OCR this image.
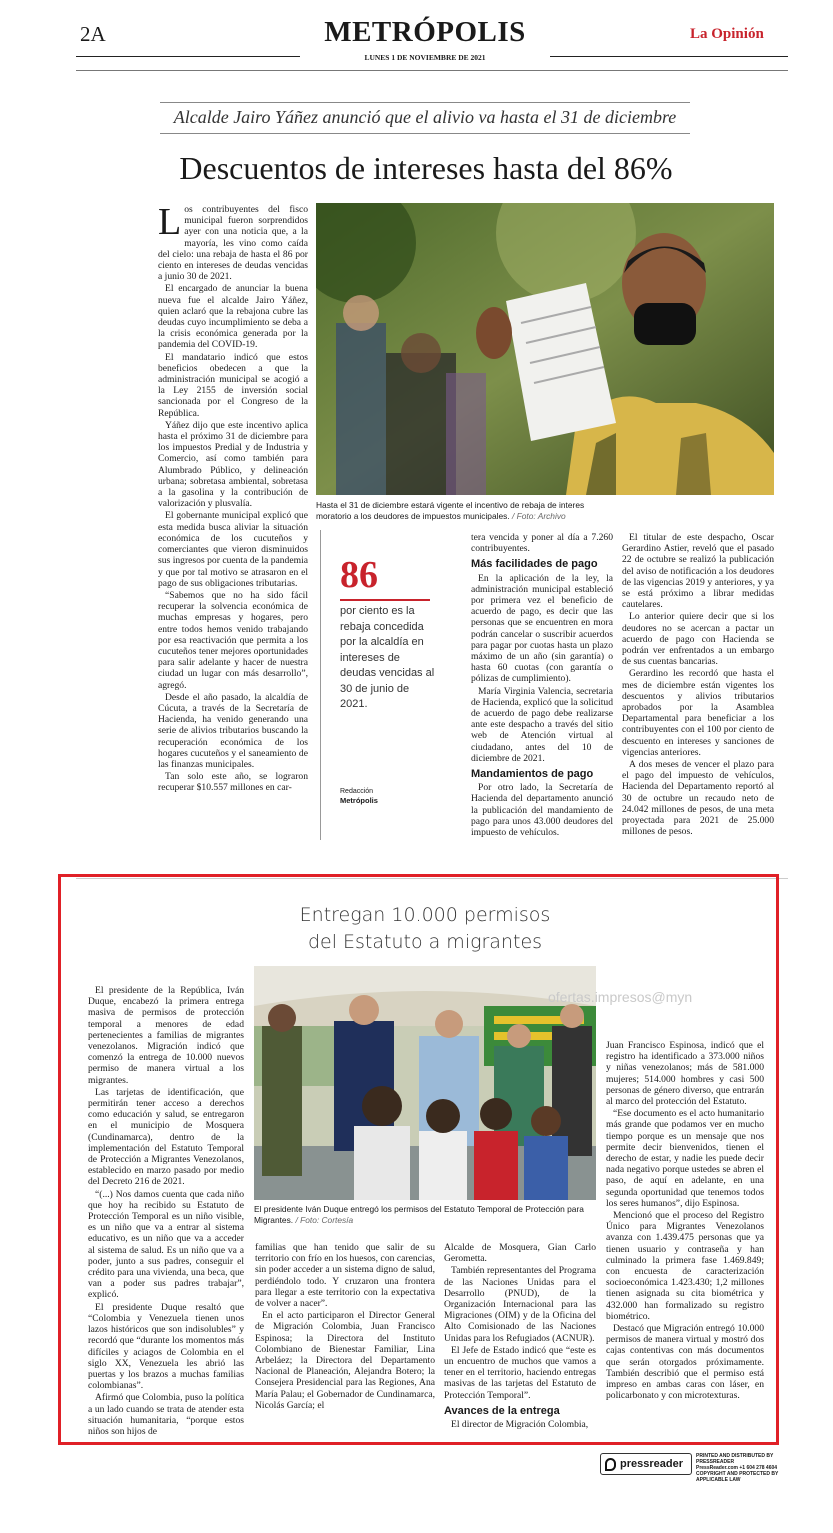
2A	METRÓPOLIS	La Opinión
LUNES 1 DE NOVIEMBRE DE 2021
Alcalde Jairo Yáñez anunció que el alivio va hasta el 31 de diciembre
Descuentos de intereses hasta del 86%

Los contribuyentes del fisco municipal fueron sorprendidos ayer con una noticia que, a la mayoría, les vino como caída del cielo: una rebaja de hasta el 86 por ciento en intereses de deudas vencidas a junio 30 de 2021.

El encargado de anunciar la buena nueva fue el alcalde Jairo Yáñez, quien aclaró que la rebajona cubre las deudas cuyo incumplimiento se deba a la crisis económica generada por la pandemia del COVID-19.

El mandatario indicó que estos beneficios obedecen a que la administración municipal se acogió a la Ley 2155 de inversión social sancionada por el Congreso de la República.

Yáñez dijo que este incentivo aplica hasta el próximo 31 de diciembre para los impuestos Predial y de Industria y Comercio, así como también para Alumbrado Público, y delineación urbana; sobretasa ambiental, sobretasa a la gasolina y la contribución de valorización y plusvalía.

El gobernante municipal explicó que esta medida busca aliviar la situación económica de los cucuteños y comerciantes que vieron disminuidos sus ingresos por cuenta de la pandemia y que por tal motivo se atrasaron en el pago de sus obligaciones tributarias.

“Sabemos que no ha sido fácil recuperar la solvencia económica de muchas empresas y hogares, pero entre todos hemos venido trabajando por esa reactivación que permita a los cucuteños tener mejores oportunidades para salir adelante y hacer de nuestra ciudad un lugar con más desarrollo”, agregó.

Desde el año pasado, la alcaldía de Cúcuta, a través de la Secretaría de Hacienda, ha venido generando una serie de alivios tributarios buscando la recuperación económica de los hogares cucuteños y el saneamiento de las finanzas municipales.

Tan solo este año, se lograron recuperar $10.557 millones en car-

Hasta el 31 de diciembre estará vigente el incentivo de rebaja de interes moratorio a los deudores de impuestos municipales. / Foto: Archivo
86
por ciento es la rebaja concedida por la alcaldía en intereses de deudas vencidas al 30 de junio de 2021.
Redacción
Metrópolis

tera vencida y poner al día a 7.260 contribuyentes.

Más facilidades de pago

En la aplicación de la ley, la administración municipal estableció por primera vez el beneficio de acuerdo de pago, es decir que las personas que se encuentren en mora podrán cancelar o suscribir acuerdos para pagar por cuotas hasta un plazo máximo de un año (sin garantía) o hasta 60 cuotas (con garantía o pólizas de cumplimiento).

María Virginia Valencia, secretaria de Hacienda, explicó que la solicitud de acuerdo de pago debe realizarse ante este despacho a través del sitio web de Atención virtual al ciudadano, antes del 10 de diciembre de 2021.

Mandamientos de pago

Por otro lado, la Secretaría de Hacienda del departamento anunció la publicación del mandamiento de pago para unos 43.000 deudores del impuesto de vehículos.

El titular de este despacho, Oscar Gerardino Astier, reveló que el pasado 22 de octubre se realizó la publicación del aviso de notificación a los deudores de las vigencias 2019 y anteriores, y ya se está próximo a librar medidas cautelares.

Lo anterior quiere decir que si los deudores no se acercan a pactar un acuerdo de pago con Hacienda se podrán ver enfrentados a un embargo de sus cuentas bancarias.

Gerardino les recordó que hasta el mes de diciembre están vigentes los descuentos y alivios tributarios aprobados por la Asamblea Departamental para beneficiar a los contribuyentes con el 100 por ciento de descuento en intereses y sanciones de vigencias anteriores.

A dos meses de vencer el plazo para el pago del impuesto de vehículos, Hacienda del Departamento reportó al 30 de octubre un recaudo neto de 24.042 millones de pesos, de una meta proyectada para 2021 de 25.000 millones de pesos.

Entregan 10.000 permisos
del Estatuto a migrantes

El presidente de la República, Iván Duque, encabezó la primera entrega masiva de permisos de protección temporal a menores de edad pertenecientes a familias de migrantes venezolanos. Migración indicó que comenzó la entrega de 10.000 nuevos permiso de manera virtual a los migrantes.

Las tarjetas de identificación, que permitirán tener acceso a derechos como educación y salud, se entregaron en el municipio de Mosquera (Cundinamarca), dentro de la implementación del Estatuto Temporal de Protección a Migrantes Venezolanos, establecido en marzo pasado por medio del Decreto 216 de 2021.

“(...) Nos damos cuenta que cada niño que hoy ha recibido su Estatuto de Protección Temporal es un niño visible, es un niño que va a entrar al sistema educativo, es un niño que va a acceder al sistema de salud. Es un niño que va a poder, junto a sus padres, conseguir el crédito para una vivienda, una beca, que van a poder sus padres trabajar”, explicó.

El presidente Duque resaltó que “Colombia y Venezuela tienen unos lazos históricos que son indisolubles” y recordó que “durante los momentos más difíciles y aciagos de Colombia en el siglo XX, Venezuela les abrió las puertas y los brazos a muchas familias colombianas”.

Afirmó que Colombia, puso la política a un lado cuando se trata de atender esta situación humanitaria, “porque estos niños son hijos de

El presidente Iván Duque entregó los permisos del Estatuto Temporal de Protección para Migrantes. / Foto: Cortesía
ofertas.impresos@myn

familias que han tenido que salir de su territorio con frío en los huesos, con carencias, sin poder acceder a un sistema digno de salud, perdiéndolo todo. Y cruzaron una frontera para llegar a este territorio con la expectativa de volver a nacer”.

En el acto participaron el Director General de Migración Colombia, Juan Francisco Espinosa; la Directora del Instituto Colombiano de Bienestar Familiar, Lina Arbeláez; la Directora del Departamento Nacional de Planeación, Alejandra Botero; la Consejera Presidencial para las Regiones, Ana María Palau; el Gobernador de Cundinamarca, Nicolás García; el

Alcalde de Mosquera, Gian Carlo Gerometta.

También representantes del Programa de las Naciones Unidas para el Desarrollo (PNUD), de la Organización Internacional para las Migraciones (OIM) y de la Oficina del Alto Comisionado de las Naciones Unidas para los Refugiados (ACNUR).

El Jefe de Estado indicó que “este es un encuentro de muchos que vamos a tener en el territorio, haciendo entregas masivas de las tarjetas del Estatuto de Protección Temporal”.

Avances de la entrega

El director de Migración Colombia,

Juan Francisco Espinosa, indicó que el registro ha identificado a 373.000 niños y niñas venezolanos; más de 581.000 mujeres; 514.000 hombres y casi 500 personas de género diverso, que entrarán al marco del protección del Estatuto.

“Ese documento es el acto humanitario más grande que podamos ver en mucho tiempo porque es un mensaje que nos permite decir bienvenidos, tienen el derecho de estar, y nadie les puede decir nada negativo porque ustedes se abren el paso, de aquí en adelante, en una segunda oportunidad que tenemos todos los seres humanos”, dijo Espinosa.

Mencionó que el proceso del Registro Único para Migrantes Venezolanos avanza con 1.439.475 personas que ya tienen usuario y contraseña y han culminado la primera fase 1.469.849; con encuesta de caracterización socioeconómica 1.423.430; 1,2 millones tienen asignada su cita biométrica y 432.000 han formalizado su registro biométrico.

Destacó que Migración entregó 10.000 permisos de manera virtual y mostró dos cajas contentivas con más documentos que serán otorgados próximamente. También describió que el permiso está impreso en ambas caras con láser, en policarbonato y con microtexturas.

pressreader
PRINTED AND DISTRIBUTED BY PRESSREADER
PressReader.com +1 604 278 4604
COPYRIGHT AND PROTECTED BY APPLICABLE LAW
